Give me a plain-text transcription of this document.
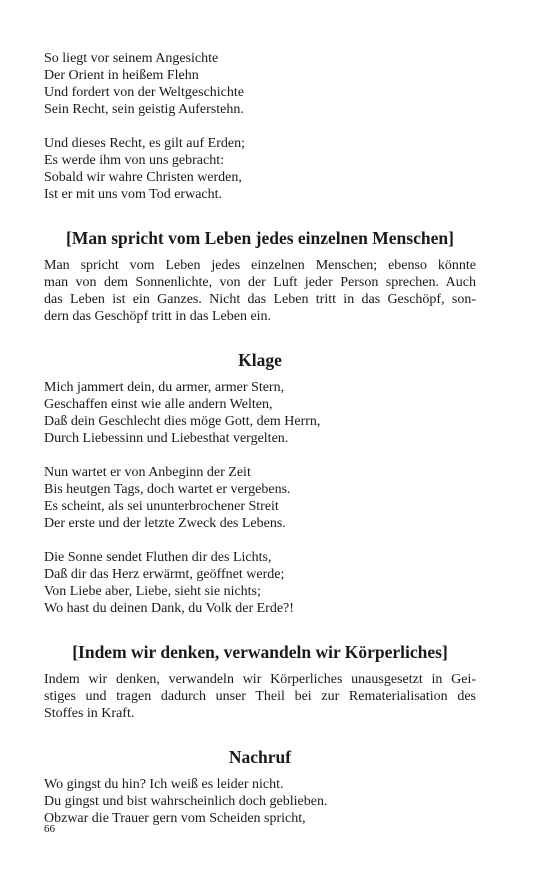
So liegt vor seinem Angesichte
Der Orient in heißem Flehn
Und fordert von der Weltgeschichte
Sein Recht, sein geistig Auferstehn.
Und dieses Recht, es gilt auf Erden;
Es werde ihm von uns gebracht:
Sobald wir wahre Christen werden,
Ist er mit uns vom Tod erwacht.
[Man spricht vom Leben jedes einzelnen Menschen]

Man spricht vom Leben jedes einzelnen Menschen; ebenso könnte
man von dem Sonnenlichte, von der Luft jeder Person sprechen. Auch
das Leben ist ein Ganzes. Nicht das Leben tritt in das Geschöpf, son-
dern das Geschöpf tritt in das Leben ein.

Klage
Mich jammert dein, du armer, armer Stern,
Geschaffen einst wie alle andern Welten,
Daß dein Geschlecht dies möge Gott, dem Herrn,
Durch Liebessinn und Liebesthat vergelten.
Nun wartet er von Anbeginn der Zeit
Bis heutgen Tags, doch wartet er vergebens.
Es scheint, als sei ununterbrochener Streit
Der erste und der letzte Zweck des Lebens.
Die Sonne sendet Fluthen dir des Lichts,
Daß dir das Herz erwärmt, geöffnet werde;
Von Liebe aber, Liebe, sieht sie nichts;
Wo hast du deinen Dank, du Volk der Erde?!
[Indem wir denken, verwandeln wir Körperliches]

Indem wir denken, verwandeln wir Körperliches unausgesetzt in Gei-
stiges und tragen dadurch unser Theil bei zur Rematerialisation des
Stoffes in Kraft.

Nachruf
Wo gingst du hin? Ich weiß es leider nicht.
Du gingst und bist wahrscheinlich doch geblieben.
Obzwar die Trauer gern vom Scheiden spricht,
66
